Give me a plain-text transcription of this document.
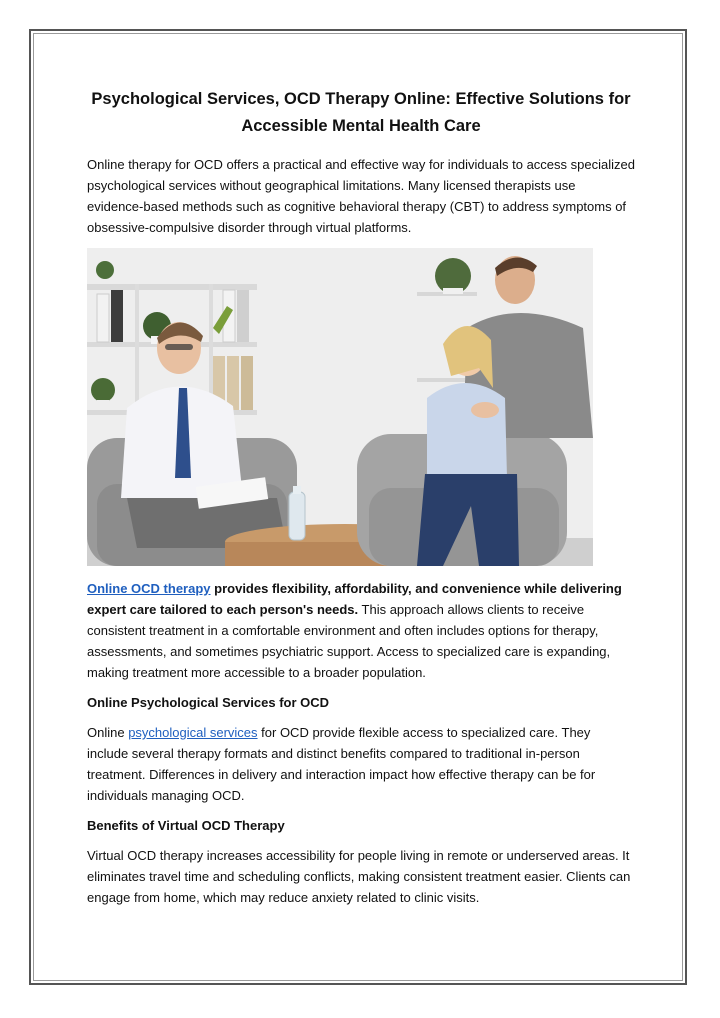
Psychological Services, OCD Therapy Online: Effective Solutions for Accessible Mental Health Care

Online therapy for OCD offers a practical and effective way for individuals to access specialized psychological services without geographical limitations. Many licensed therapists use evidence-based methods such as cognitive behavioral therapy (CBT) to address symptoms of obsessive-compulsive disorder through virtual platforms.

Online OCD therapy provides flexibility, affordability, and convenience while delivering expert care tailored to each person's needs. This approach allows clients to receive consistent treatment in a comfortable environment and often includes options for therapy, assessments, and sometimes psychiatric support. Access to specialized care is expanding, making treatment more accessible to a broader population.

Online Psychological Services for OCD

Online psychological services for OCD provide flexible access to specialized care. They include several therapy formats and distinct benefits compared to traditional in-person treatment. Differences in delivery and interaction impact how effective therapy can be for individuals managing OCD.

Benefits of Virtual OCD Therapy

Virtual OCD therapy increases accessibility for people living in remote or underserved areas. It eliminates travel time and scheduling conflicts, making consistent treatment easier. Clients can engage from home, which may reduce anxiety related to clinic visits.
